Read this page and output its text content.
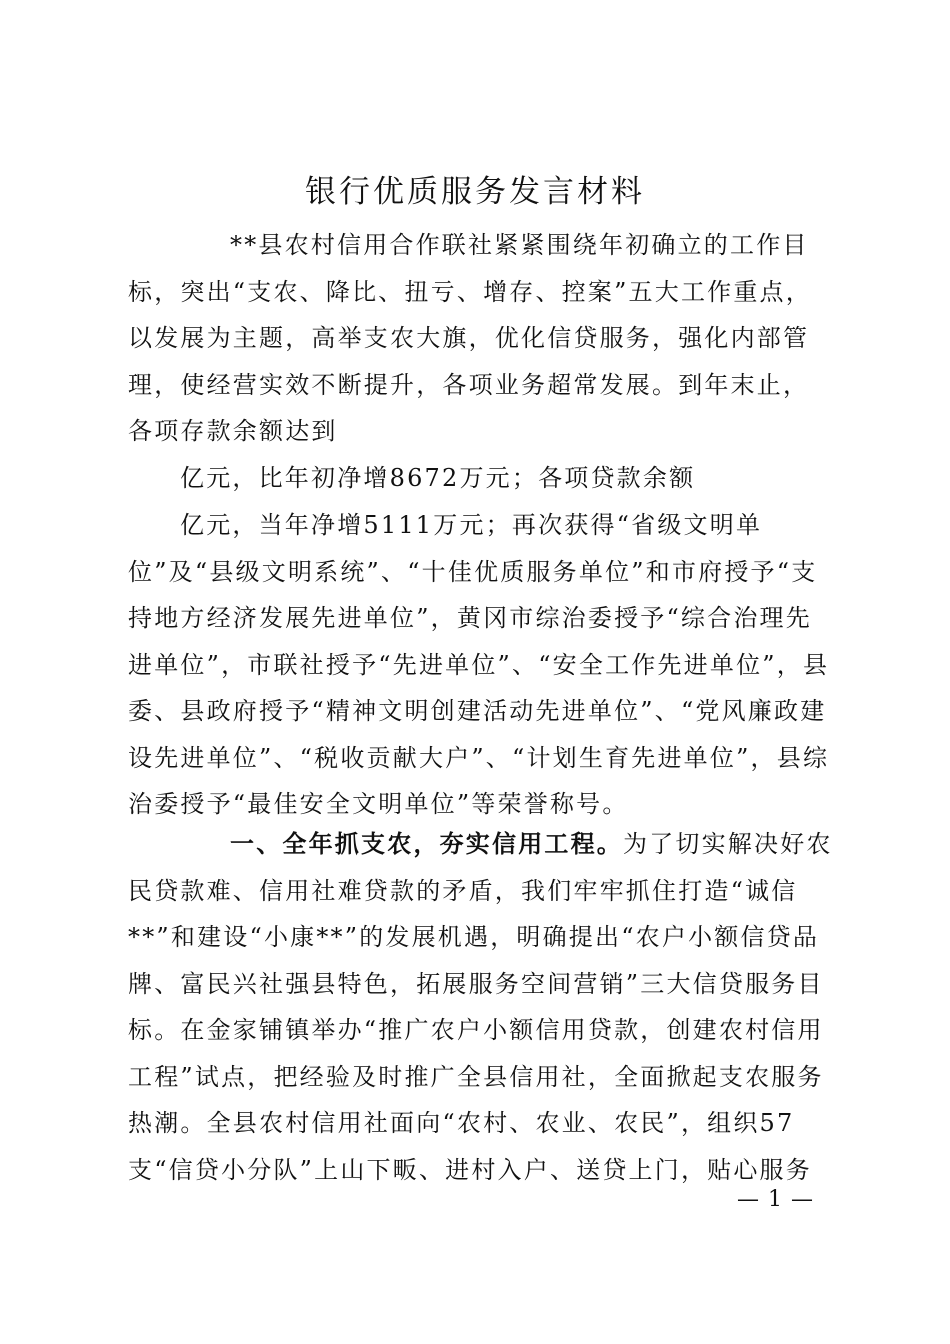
银行优质服务发言材料

**县农村信用合作联社紧紧围绕年初确立的工作目标，突出“支农、降比、扭亏、增存、控案”五大工作重点，以发展为主题，高举支农大旗，优化信贷服务，强化内部管理，使经营实效不断提升，各项业务超常发展。到年末止，各项存款余额达到

亿元，比年初净增8672万元；各项贷款余额

亿元，当年净增5111万元；再次获得“省级文明单位”及“县级文明系统”、“十佳优质服务单位”和市府授予“支持地方经济发展先进单位”，黄冈市综治委授予“综合治理先进单位”，市联社授予“先进单位”、“安全工作先进单位”，县委、县政府授予“精神文明创建活动先进单位”、“党风廉政建设先进单位”、“税收贡献大户”、“计划生育先进单位”，县综治委授予“最佳安全文明单位”等荣誉称号。

一、全年抓支农，夯实信用工程。为了切实解决好农民贷款难、信用社难贷款的矛盾，我们牢牢抓住打造“诚信**”和建设“小康**”的发展机遇，明确提出“农户小额信贷品牌、富民兴社强县特色，拓展服务空间营销”三大信贷服务目标。在金家铺镇举办“推广农户小额信用贷款，创建农村信用工程”试点，把经验及时推广全县信用社，全面掀起支农服务热潮。全县农村信用社面向“农村、农业、农民”，组织57支“信贷小分队”上山下畈、进村入户、送贷上门，贴心服务

— 1 —
